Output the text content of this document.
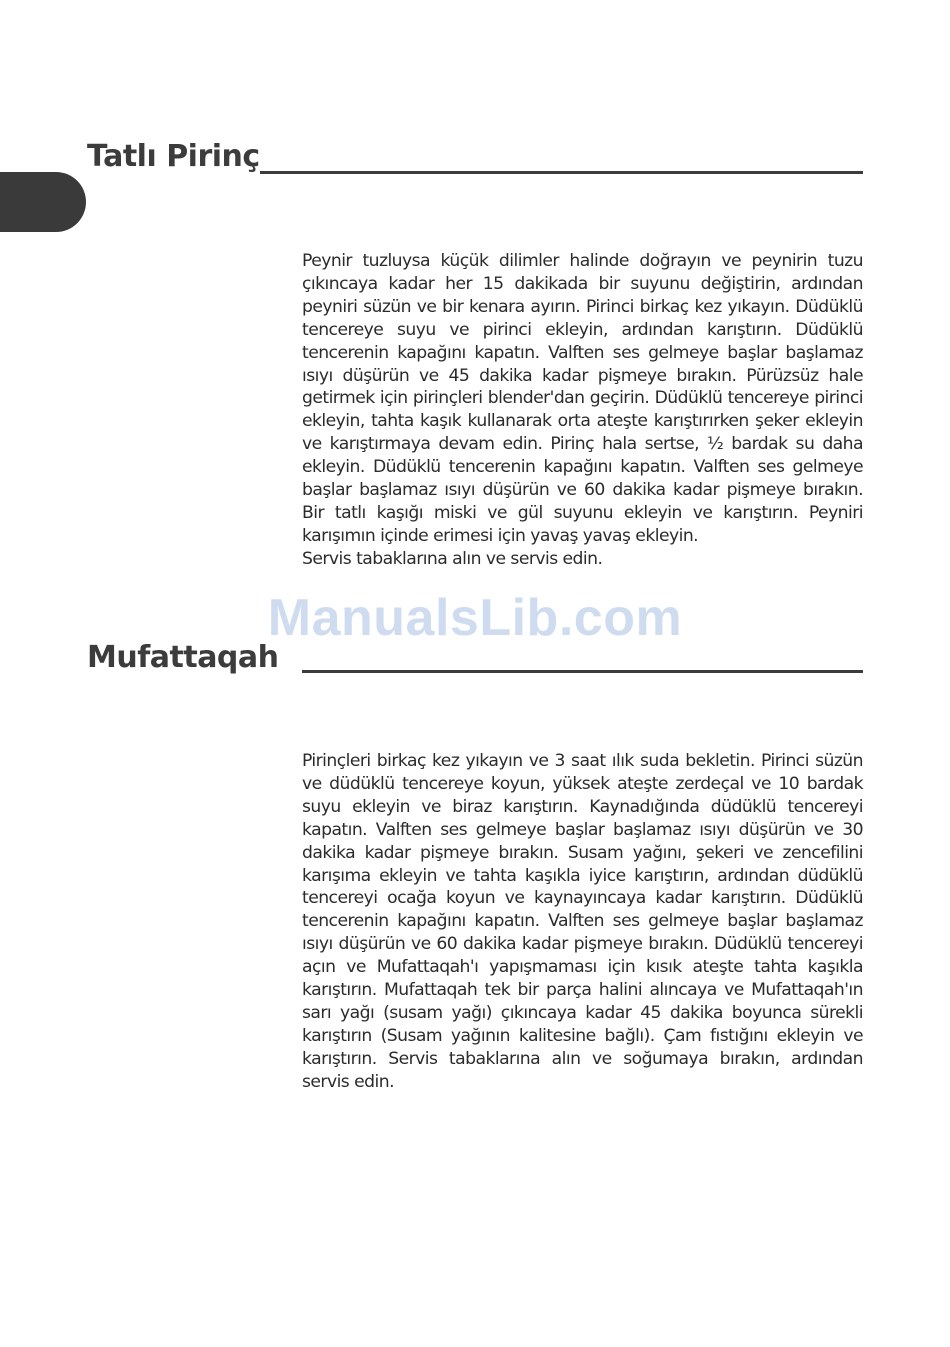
Tatlı Pirinç

Peynir tuzluysa küçük dilimler halinde doğrayın ve peynirin tuzu çıkıncaya kadar her 15 dakikada bir suyunu değiştirin, ardından peyniri süzün ve bir kenara ayırın. Pirinci birkaç kez yıkayın. Düdüklü tencereye suyu ve pirinci ekleyin, ardından karıştırın. Düdüklü tencerenin kapağını kapatın. Valften ses gelmeye başlar başlamaz ısıyı düşürün ve 45 dakika kadar pişmeye bırakın. Pürüzsüz hale getirmek için pirinçleri blender'dan geçirin. Düdüklü tencereye pirinci ekleyin, tahta kaşık kullanarak orta ateşte karıştırırken şeker ekleyin ve karıştırmaya devam edin. Pirinç hala sertse, ½ bardak su daha ekleyin. Düdüklü tencerenin kapağını kapatın. Valften ses gelmeye başlar başlamaz ısıyı düşürün ve 60 dakika kadar pişmeye bırakın. Bir tatlı kaşığı miski ve gül suyunu ekleyin ve karıştırın. Peyniri karışımın içinde erimesi için yavaş yavaş ekleyin.

Servis tabaklarına alın ve servis edin.

Mufattaqah

Pirinçleri birkaç kez yıkayın ve 3 saat ılık suda bekletin. Pirinci süzün ve düdüklü tencereye koyun, yüksek ateşte zerdeçal ve 10 bardak suyu ekleyin ve biraz karıştırın. Kaynadığında düdüklü tencereyi kapatın. Valften ses gelmeye başlar başlamaz ısıyı düşürün ve 30 dakika kadar pişmeye bırakın. Susam yağını, şekeri ve zencefilini karışıma ekleyin ve tahta kaşıkla iyice karıştırın, ardından düdüklü tencereyi ocağa koyun ve kaynayıncaya kadar karıştırın. Düdüklü tencerenin kapağını kapatın. Valften ses gelmeye başlar başlamaz ısıyı düşürün ve 60 dakika kadar pişmeye bırakın. Düdüklü tencereyi açın ve Mufattaqah'ı yapışmaması için kısık ateşte tahta kaşıkla karıştırın. Mufattaqah tek bir parça halini alıncaya ve Mufattaqah'ın sarı yağı (susam yağı) çıkıncaya kadar 45 dakika boyunca sürekli karıştırın (Susam yağının kalitesine bağlı). Çam fıstığını ekleyin ve karıştırın. Servis tabaklarına alın ve soğumaya bırakın, ardından servis edin.

ManualsLib.com
